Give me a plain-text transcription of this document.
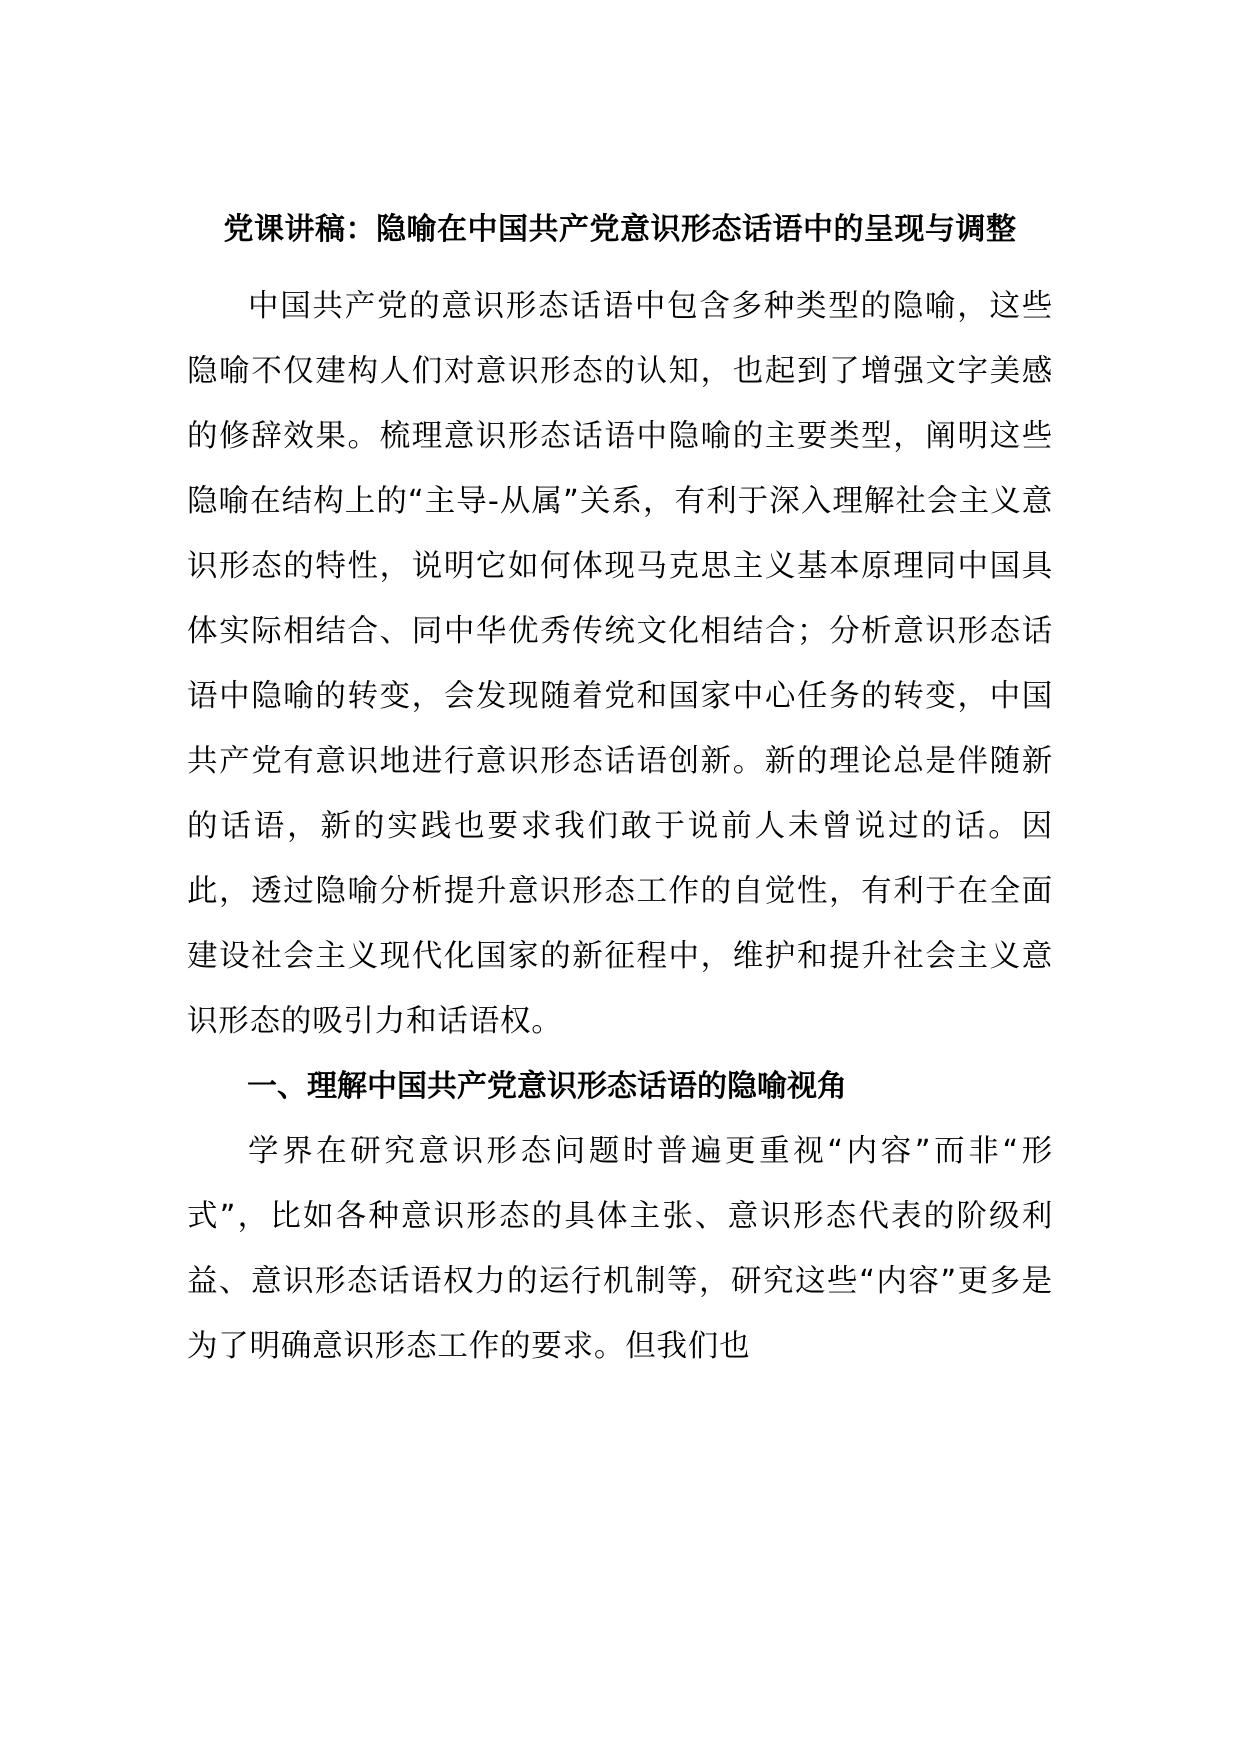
党课讲稿：隐喻在中国共产党意识形态话语中的呈现与调整

中国共产党的意识形态话语中包含多种类型的隐喻，这些隐喻不仅建构人们对意识形态的认知，也起到了增强文字美感的修辞效果。梳理意识形态话语中隐喻的主要类型，阐明这些隐喻在结构上的“主导-从属”关系，有利于深入理解社会主义意识形态的特性，说明它如何体现马克思主义基本原理同中国具体实际相结合、同中华优秀传统文化相结合；分析意识形态话语中隐喻的转变，会发现随着党和国家中心任务的转变，中国共产党有意识地进行意识形态话语创新。新的理论总是伴随新的话语，新的实践也要求我们敢于说前人未曾说过的话。因此，透过隐喻分析提升意识形态工作的自觉性，有利于在全面建设社会主义现代化国家的新征程中，维护和提升社会主义意识形态的吸引力和话语权。

一、理解中国共产党意识形态话语的隐喻视角

学界在研究意识形态问题时普遍更重视“内容”而非“形式”，比如各种意识形态的具体主张、意识形态代表的阶级利益、意识形态话语权力的运行机制等，研究这些“内容”更多是为了明确意识形态工作的要求。但我们也
